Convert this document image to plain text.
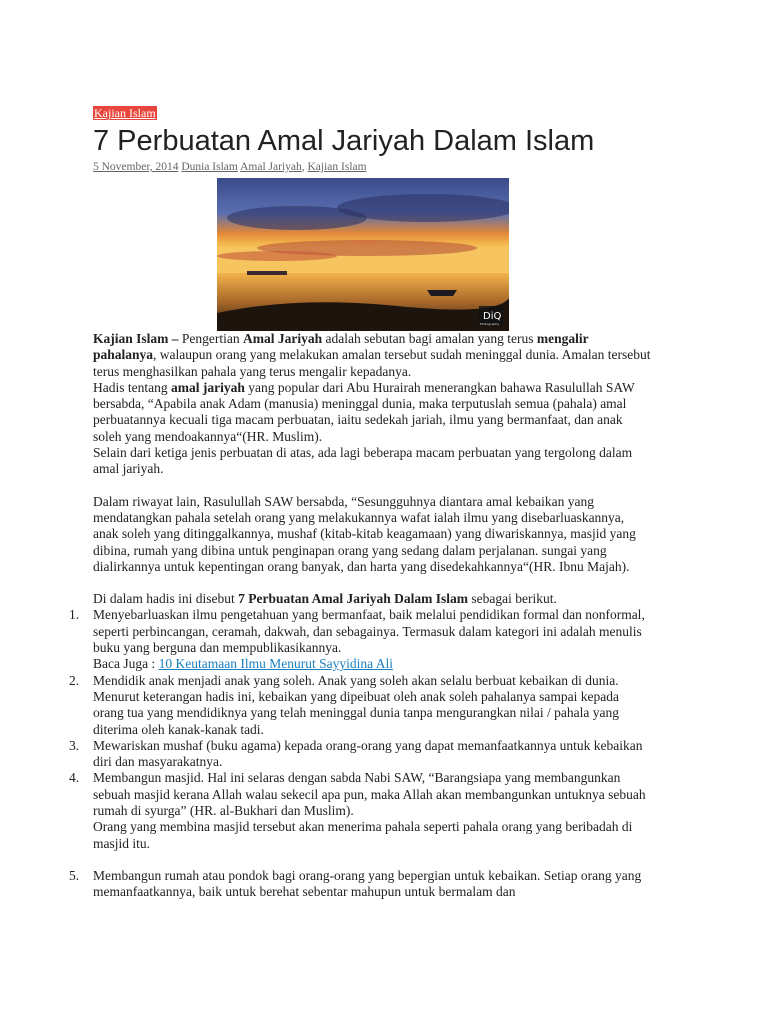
Kajian Islam
7 Perbuatan Amal Jariyah Dalam Islam
5 November, 2014 Dunia Islam Amal Jariyah, Kajian Islam
DiQ
Photography

Kajian Islam – Pengertian Amal Jariyah adalah sebutan bagi amalan yang terus mengalir pahalanya, walaupun orang yang melakukan amalan tersebut sudah meninggal dunia. Amalan tersebut terus menghasilkan pahala yang terus mengalir kepadanya.

Hadis tentang amal jariyah yang popular dari Abu Hurairah menerangkan bahawa Rasulullah SAW bersabda, “Apabila anak Adam (manusia) meninggal dunia, maka terputuslah semua (pahala) amal perbuatannya kecuali tiga macam perbuatan, iaitu sedekah jariah, ilmu yang bermanfaat, dan anak soleh yang mendoakannya“(HR. Muslim).

Selain dari ketiga jenis perbuatan di atas, ada lagi beberapa macam perbuatan yang tergolong dalam amal jariyah.

Dalam riwayat lain, Rasulullah SAW bersabda, “Sesungguhnya diantara amal kebaikan yang mendatangkan pahala setelah orang yang melakukannya wafat ialah ilmu yang disebarluaskannya, anak soleh yang ditinggalkannya, mushaf (kitab-kitab keagamaan) yang diwariskannya, masjid yang dibina, rumah yang dibina untuk penginapan orang yang sedang dalam perjalanan. sungai yang dialirkannya untuk kepentingan orang banyak, dan harta yang disedekahkannya“(HR. Ibnu Majah).

Di dalam hadis ini disebut 7 Perbuatan Amal Jariyah Dalam Islam sebagai berikut.

1. Menyebarluaskan ilmu pengetahuan yang bermanfaat, baik melalui pendidikan formal dan nonformal, seperti perbincangan, ceramah, dakwah, dan sebagainya. Termasuk dalam kategori ini adalah menulis buku yang berguna dan mempublikasikannya.
Baca Juga : 10 Keutamaan Ilmu Menurut Sayyidina Ali
2. Mendidik anak menjadi anak yang soleh. Anak yang soleh akan selalu berbuat kebaikan di dunia. Menurut keterangan hadis ini, kebaikan yang dipeibuat oleh anak soleh pahalanya sampai kepada orang tua yang mendidiknya yang telah meninggal dunia tanpa mengurangkan nilai / pahala yang diterima oleh kanak-kanak tadi.
3. Mewariskan mushaf (buku agama) kepada orang-orang yang dapat memanfaatkannya untuk kebaikan diri dan masyarakatnya.
4. Membangun masjid. Hal ini selaras dengan sabda Nabi SAW, “Barangsiapa yang membangunkan sebuah masjid kerana Allah walau sekecil apa pun, maka Allah akan membangunkan untuknya sebuah rumah di syurga” (HR. al-Bukhari dan Muslim).
Orang yang membina masjid tersebut akan menerima pahala seperti pahala orang yang beribadah di masjid itu.
5. Membangun rumah atau pondok bagi orang-orang yang bepergian untuk kebaikan. Setiap orang yang memanfaatkannya, baik untuk berehat sebentar mahupun untuk bermalam dan
